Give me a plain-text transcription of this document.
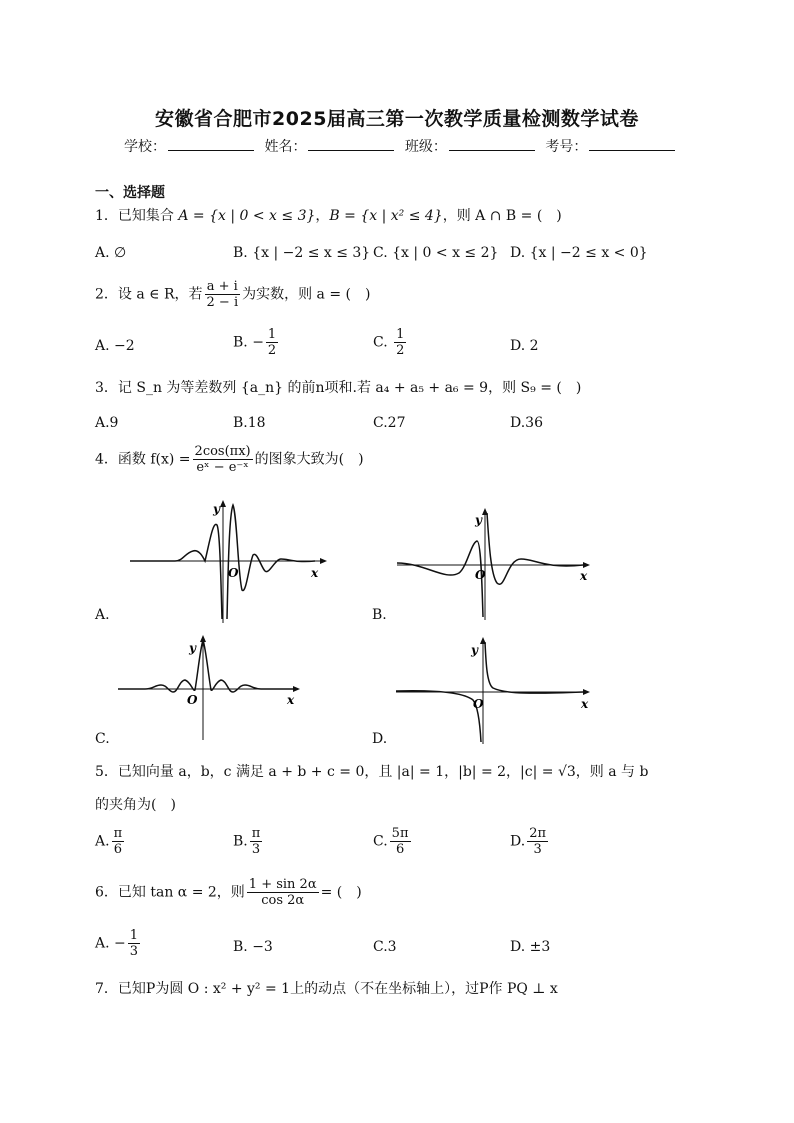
安徽省合肥市2025届高三第一次教学质量检测数学试卷
学校：	姓名：	班级：	考号：
一、选择题
1．已知集合 A = {x | 0 < x ≤ 3}，B = {x | x² ≤ 4}，则 A ∩ B = (　)
A. ∅	B. {x | −2 ≤ x ≤ 3} C. {x | 0 < x ≤ 2} D. {x | −2 ≤ x < 0}
2．设 a ∈ R，若 $\frac{a + i}{2 - i}$ 为实数，则 a = (　)
A. −2	B. − $\frac{1}{2}$	C. $\frac{1}{2}$	D. 2
3．记 S_n 为等差数列 {a_n} 的前n项和.若 a₄ + a₅ + a₆ = 9，则 S₉ = (　)
A.9	B.18	C.27	D.36
4．函数 $f(x) = \frac{2\cos(\pi x)}{\text{eˣ − e⁻ˣ}}$ 的图象大致为(　)
O	x
y
A.
O	x
y
B.
O	x
y
C.
O	x
y
D.
5．已知向量 a，b，c 满足 a + b + c = 0，且 |a| = 1，|b| = 2，|c| = √3，则 a 与 b
的夹角为(　)
A. $\frac{\pi}{6}$	B. $\frac{\pi}{3}$	C. $\frac{5\pi}{6}$	D. $\frac{2\pi}{3}$
6．已知 tan α = 2，则 $\frac{1 + \sin 2\alpha}{\cos 2\alpha}$ = (　)
A. − $\frac{1}{3}$	B. −3	C.3	D. ±3
7．已知P为圆 O : x² + y² = 1上的动点（不在坐标轴上），过P作 PQ ⊥ x
